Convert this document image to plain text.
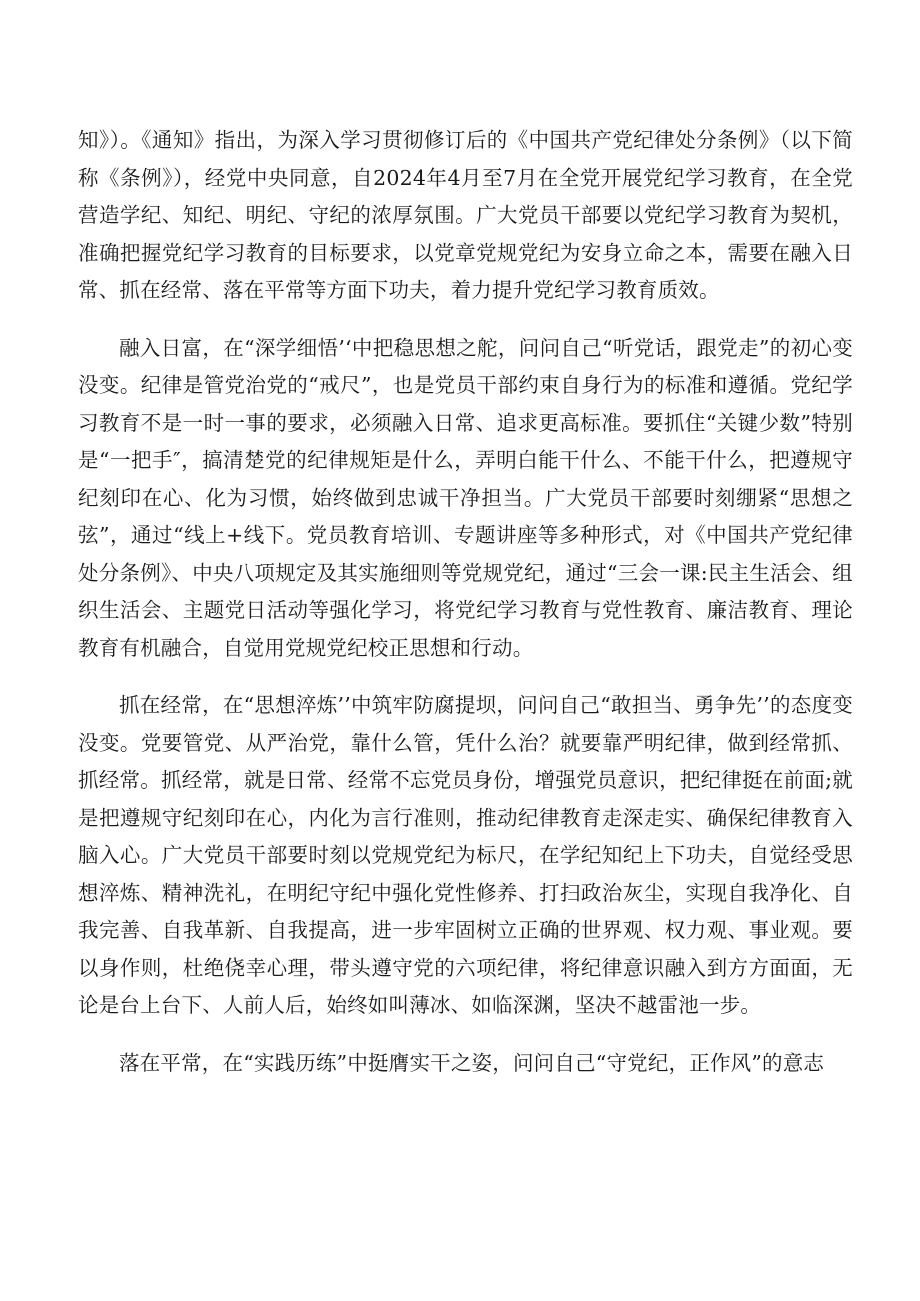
知》）。《通知》指出，为深入学习贯彻修订后的《中国共产党纪律处分条例》（以下简称《条例》），经党中央同意，自2024年4月至7月在全党开展党纪学习教育，在全党营造学纪、知纪、明纪、守纪的浓厚氛围。广大党员干部要以党纪学习教育为契机，准确把握党纪学习教育的目标要求，以党章党规党纪为安身立命之本，需要在融入日常、抓在经常、落在平常等方面下功夫，着力提升党纪学习教育质效。

融入日富，在“深学细悟’‘中把稳思想之舵，问问自己“听党话，跟党走”的初心变没变。纪律是管党治党的“戒尺”，也是党员干部约束自身行为的标准和遵循。党纪学习教育不是一时一事的要求，必须融入日常、追求更高标准。要抓住“关键少数”特别是“一把手″，搞清楚党的纪律规矩是什么，弄明白能干什么、不能干什么，把遵规守纪刻印在心、化为习惯，始终做到忠诚干净担当。广大党员干部要时刻绷紧“思想之弦”，通过“线上+线下。党员教育培训、专题讲座等多种形式，对《中国共产党纪律处分条例》、中央八项规定及其实施细则等党规党纪，通过“三会一课:民主生活会、组织生活会、主题党日活动等强化学习，将党纪学习教育与党性教育、廉洁教育、理论教育有机融合，自觉用党规党纪校正思想和行动。

抓在经常，在“思想淬炼’’中筑牢防腐提坝，问问自己“敢担当、勇争先’’的态度变没变。党要管党、从严治党，靠什么管，凭什么治？就要靠严明纪律，做到经常抓、抓经常。抓经常，就是日常、经常不忘党员身份，增强党员意识，把纪律挺在前面;就是把遵规守纪刻印在心，内化为言行准则，推动纪律教育走深走实、确保纪律教育入脑入心。广大党员干部要时刻以党规党纪为标尺，在学纪知纪上下功夫，自觉经受思想淬炼、精神洗礼，在明纪守纪中强化党性修养、打扫政治灰尘，实现自我净化、自我完善、自我革新、自我提高，进一步牢固树立正确的世界观、权力观、事业观。要以身作则，杜绝侥幸心理，带头遵守党的六项纪律，将纪律意识融入到方方面面，无论是台上台下、人前人后，始终如叫薄冰、如临深渊，坚决不越雷池一步。

落在平常，在“实践历练”中挺膺实干之姿，问问自己“守党纪，正作风”的意志
